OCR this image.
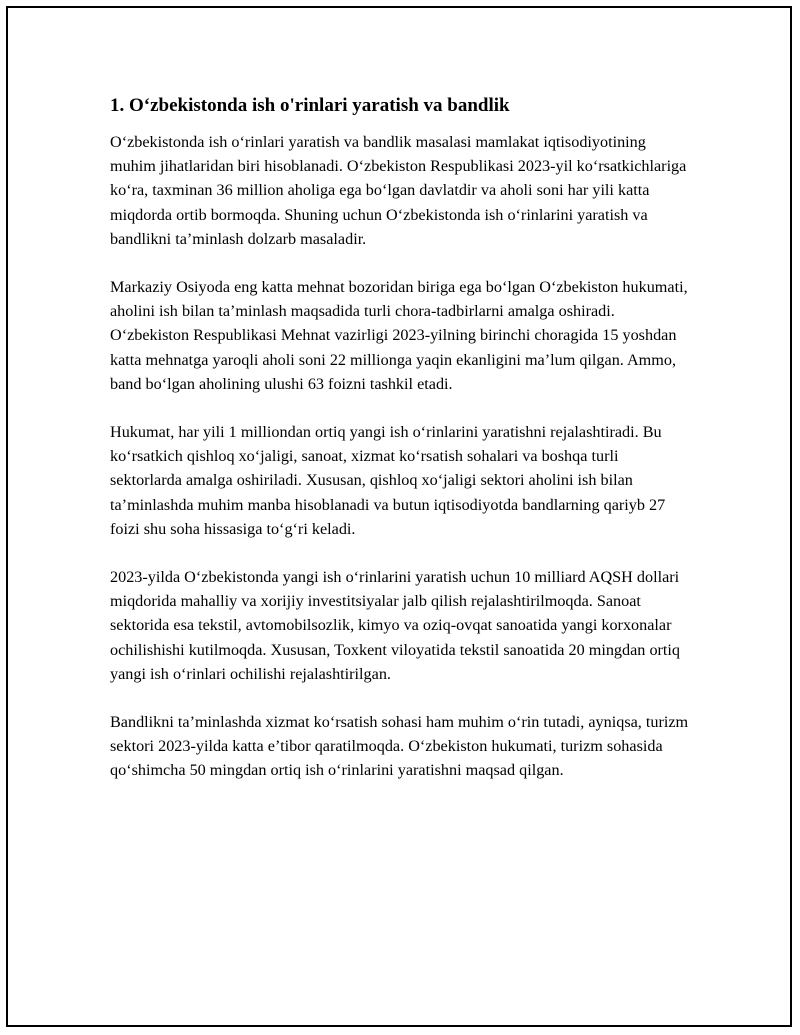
1. O‘zbekistonda ish o'rinlari yaratish va bandlik

O‘zbekistonda ish o‘rinlari yaratish va bandlik masalasi mamlakat iqtisodiyotining muhim jihatlaridan biri hisoblanadi. O‘zbekiston Respublikasi 2023-yil ko‘rsatkichlariga ko‘ra, taxminan 36 million aholiga ega bo‘lgan davlatdir va aholi soni har yili katta miqdorda ortib bormoqda. Shuning uchun O‘zbekistonda ish o‘rinlarini yaratish va bandlikni ta’minlash dolzarb masaladir.

Markaziy Osiyoda eng katta mehnat bozoridan biriga ega bo‘lgan O‘zbekiston hukumati, aholini ish bilan ta’minlash maqsadida turli chora-tadbirlarni amalga oshiradi. O‘zbekiston Respublikasi Mehnat vazirligi 2023-yilning birinchi choragida 15 yoshdan katta mehnatga yaroqli aholi soni 22 millionga yaqin ekanligini ma’lum qilgan. Ammo, band bo‘lgan aholining ulushi 63 foizni tashkil etadi.

Hukumat, har yili 1 milliondan ortiq yangi ish o‘rinlarini yaratishni rejalashtiradi. Bu ko‘rsatkich qishloq xo‘jaligi, sanoat, xizmat ko‘rsatish sohalari va boshqa turli sektorlarda amalga oshiriladi. Xususan, qishloq xo‘jaligi sektori aholini ish bilan ta’minlashda muhim manba hisoblanadi va butun iqtisodiyotda bandlarning qariyb 27 foizi shu soha hissasiga to‘g‘ri keladi.

2023-yilda O‘zbekistonda yangi ish o‘rinlarini yaratish uchun 10 milliard AQSH dollari miqdorida mahalliy va xorijiy investitsiyalar jalb qilish rejalashtirilmoqda. Sanoat sektorida esa tekstil, avtomobilsozlik, kimyo va oziq-ovqat sanoatida yangi korxonalar ochilishishi kutilmoqda. Xususan, Toxkent viloyatida tekstil sanoatida 20 mingdan ortiq yangi ish o‘rinlari ochilishi rejalashtirilgan.

Bandlikni ta’minlashda xizmat ko‘rsatish sohasi ham muhim o‘rin tutadi, ayniqsa, turizm sektori 2023-yilda katta e’tibor qaratilmoqda. O‘zbekiston hukumati, turizm sohasida qo‘shimcha 50 mingdan ortiq ish o‘rinlarini yaratishni maqsad qilgan.
